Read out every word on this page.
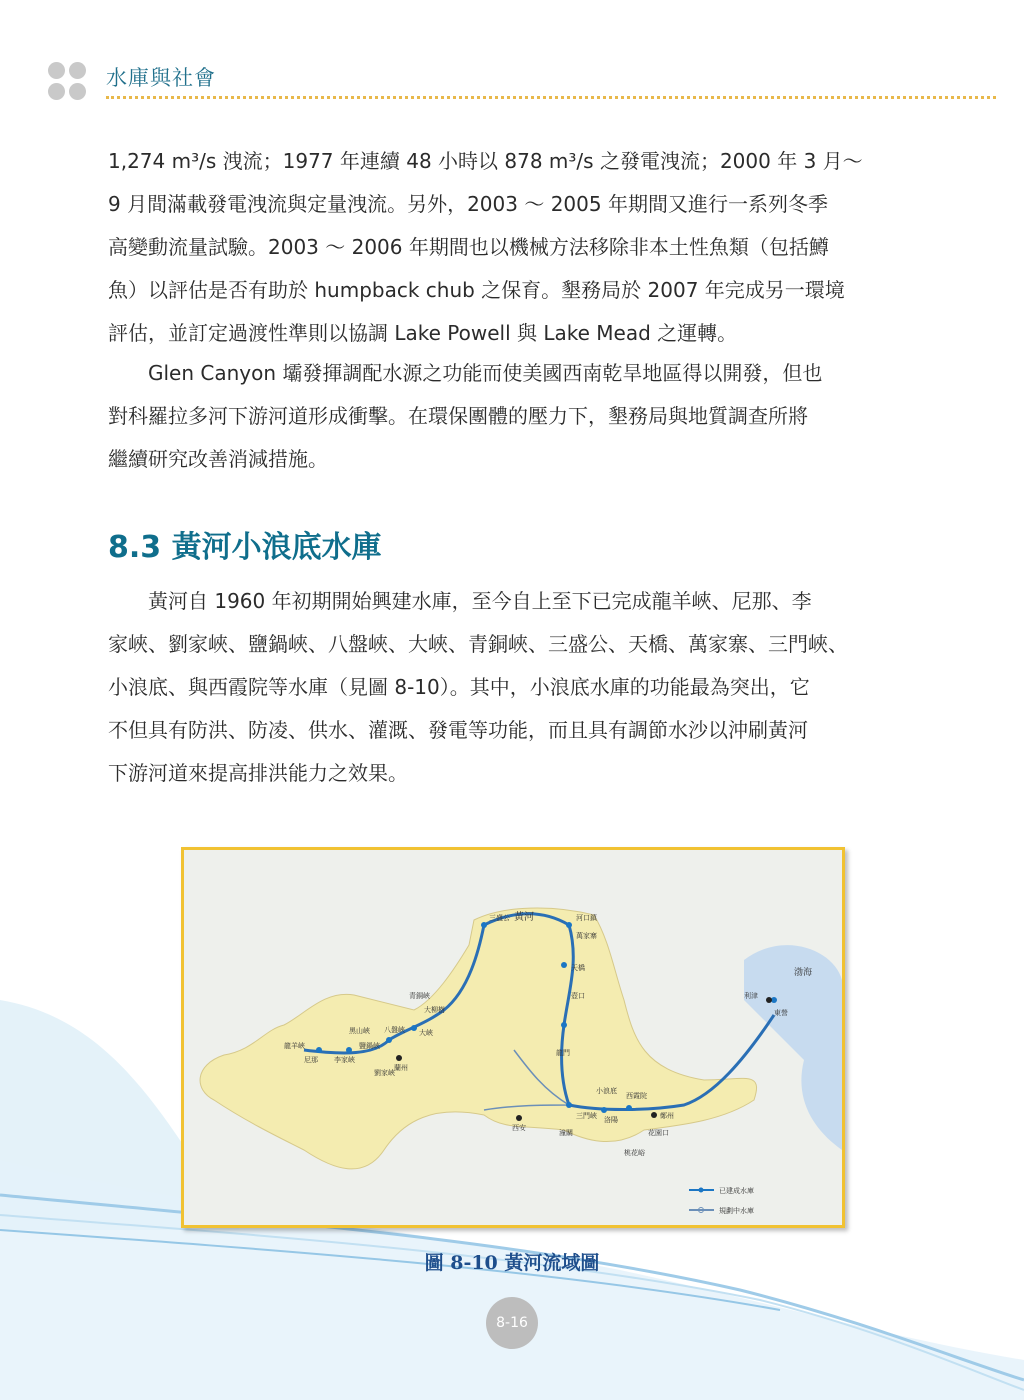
水庫與社會
1,274 m³/s 洩流；1977 年連續 48 小時以 878 m³/s 之發電洩流；2000 年 3 月～
9 月間滿載發電洩流與定量洩流。另外，2003 ～ 2005 年期間又進行一系列冬季
高變動流量試驗。2003 ～ 2006 年期間也以機械方法移除非本土性魚類（包括鱒
魚）以評估是否有助於 humpback chub 之保育。墾務局於 2007 年完成另一環境
評估，並訂定過渡性準則以協調 Lake Powell 與 Lake Mead 之運轉。
　　Glen Canyon 壩發揮調配水源之功能而使美國西南乾旱地區得以開發，但也
對科羅拉多河下游河道形成衝擊。在環保團體的壓力下，墾務局與地質調查所將
繼續研究改善消減措施。
8.3 黃河小浪底水庫
　　黃河自 1960 年初期開始興建水庫，至今自上至下已完成龍羊峽、尼那、李
家峽、劉家峽、鹽鍋峽、八盤峽、大峽、青銅峽、三盛公、天橋、萬家寨、三門峽、
小浪底、與西霞院等水庫（見圖 8-10）。其中，小浪底水庫的功能最為突出，它
不但具有防洪、防凌、供水、灌溉、發電等功能，而且具有調節水沙以沖刷黃河
下游河道來提高排洪能力之效果。
三盛公	河口鎮
萬家寨
天橋
壺口
龍門
小浪底
三門峽
西霞院
鄭州
花園口
桃花峪
青銅峽
大柳樹
黑山峽	大峽
八盤峽
鹽鍋峽
劉家峽
龍羊峽
李家峽
尼那
蘭州
利津
東營
西安
洛陽
潼關
黃河
渤海
已建成水庫
規劃中水庫
圖 8-10 黃河流域圖
8-16
